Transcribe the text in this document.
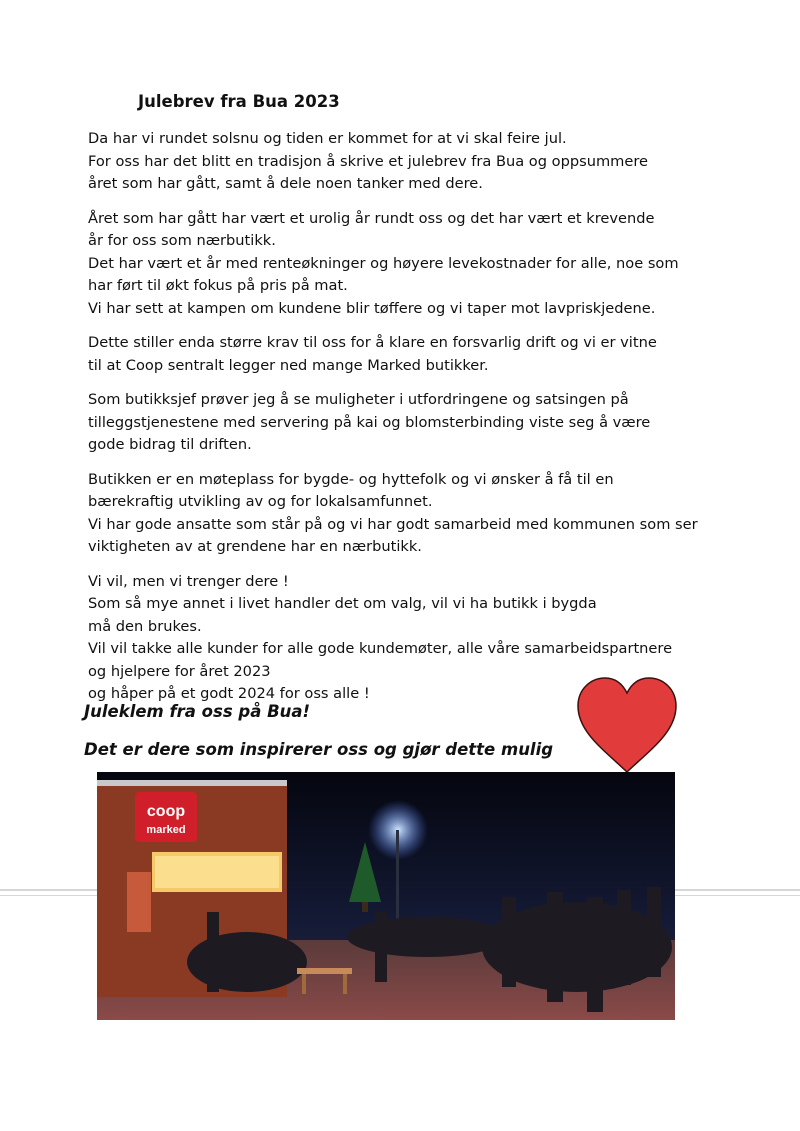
Julebrev fra Bua 2023

Da har vi rundet solsnu og tiden er kommet for at vi skal feire jul.
For oss har det blitt en tradisjon å skrive et julebrev fra Bua og oppsummere
året som har gått, samt å dele noen tanker med dere.

Året som har gått har vært et urolig år rundt oss og det har vært et krevende
år for oss som nærbutikk.
Det har vært et år med renteøkninger og høyere levekostnader for alle, noe som
har ført til økt fokus på pris på mat.
Vi har sett at kampen om kundene blir tøffere og vi taper mot lavpriskjedene.

Dette stiller enda større krav til oss for å klare en forsvarlig drift og vi er vitne
til at Coop sentralt legger ned mange Marked butikker.

Som butikksjef prøver jeg å se muligheter i utfordringene og satsingen på
tilleggstjenestene med servering på kai og blomsterbinding viste seg å være
gode bidrag til driften.

Butikken er en møteplass for bygde- og hyttefolk og vi ønsker å få til en
bærekraftig utvikling av og for lokalsamfunnet.
Vi har gode ansatte som står på og vi har godt samarbeid med kommunen som ser
viktigheten av at grendene har en nærbutikk.

Vi vil, men vi trenger dere !
Som så mye annet i livet handler det om valg, vil vi ha butikk i bygda
må den brukes.
Vil vil takke alle kunder for alle gode kundemøter, alle våre samarbeidspartnere
og hjelpere for året 2023
og håper på et godt 2024 for oss alle !

Juleklem fra oss på Bua!

Det er dere som inspirerer oss og gjør dette mulig

coop
marked
